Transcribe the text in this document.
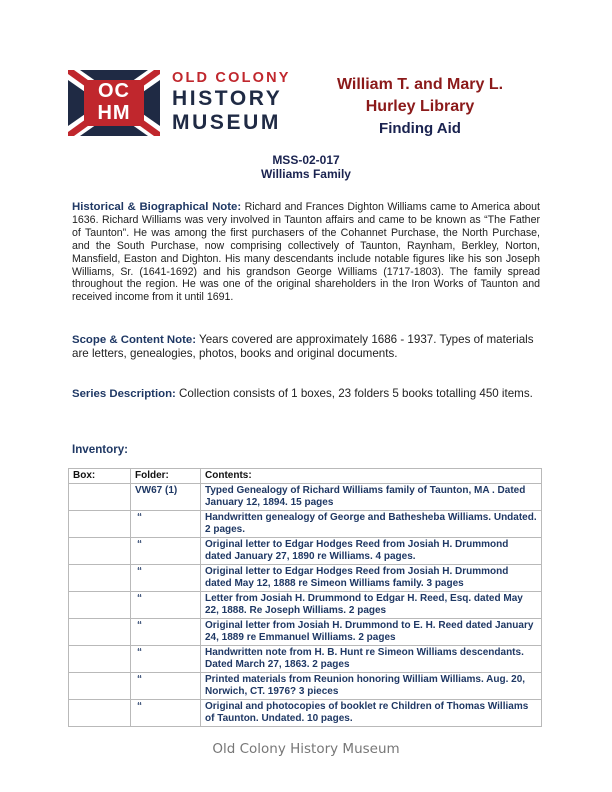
OC
HM
OLD COLONY
HISTORY
MUSEUM
William T. and Mary L.
Hurley Library
Finding Aid
MSS-02-017
Williams Family
Historical & Biographical Note: Richard and Frances Dighton Williams came to America about 1636. Richard Williams was very involved in Taunton affairs and came to be known as “The Father of Taunton”. He was among the first purchasers of the Cohannet Purchase, the North Purchase, and the South Purchase, now comprising collectively of Taunton, Raynham, Berkley, Norton, Mansfield, Easton and Dighton. His many descendants include notable figures like his son Joseph Williams, Sr. (1641-1692) and his grandson George Williams (1717-1803). The family spread throughout the region. He was one of the original shareholders in the Iron Works of Taunton and received income from it until 1691.
Scope & Content Note: Years covered are approximately 1686 - 1937. Types of materials are letters, genealogies, photos, books and original documents.
Series Description: Collection consists of 1 boxes, 23 folders 5 books totalling 450 items.
Inventory:
Box:	Folder:	Contents:
	VW67 (1)	Typed Genealogy of Richard Williams family of Taunton, MA . Dated January 12, 1894. 15 pages
	“	Handwritten genealogy of George and Bathesheba Williams. Undated. 2 pages.
	“	Original letter to Edgar Hodges Reed from Josiah H. Drummond dated January 27, 1890 re Williams. 4 pages.
	“	Original letter to Edgar Hodges Reed from Josiah H. Drummond dated May 12, 1888 re Simeon Williams family. 3 pages
	“	Letter from Josiah H. Drummond to Edgar H. Reed, Esq. dated May 22, 1888. Re Joseph Williams. 2 pages
	“	Original letter from Josiah H. Drummond to E. H. Reed dated January 24, 1889 re Emmanuel Williams. 2 pages
	“	Handwritten note from H. B. Hunt re Simeon Williams descendants. Dated March 27, 1863. 2 pages
	“	Printed materials from Reunion honoring William Williams. Aug. 20, Norwich, CT. 1976? 3 pieces
	“	Original and photocopies of booklet re Children of Thomas Williams of Taunton. Undated. 10 pages.
Old Colony History Museum
